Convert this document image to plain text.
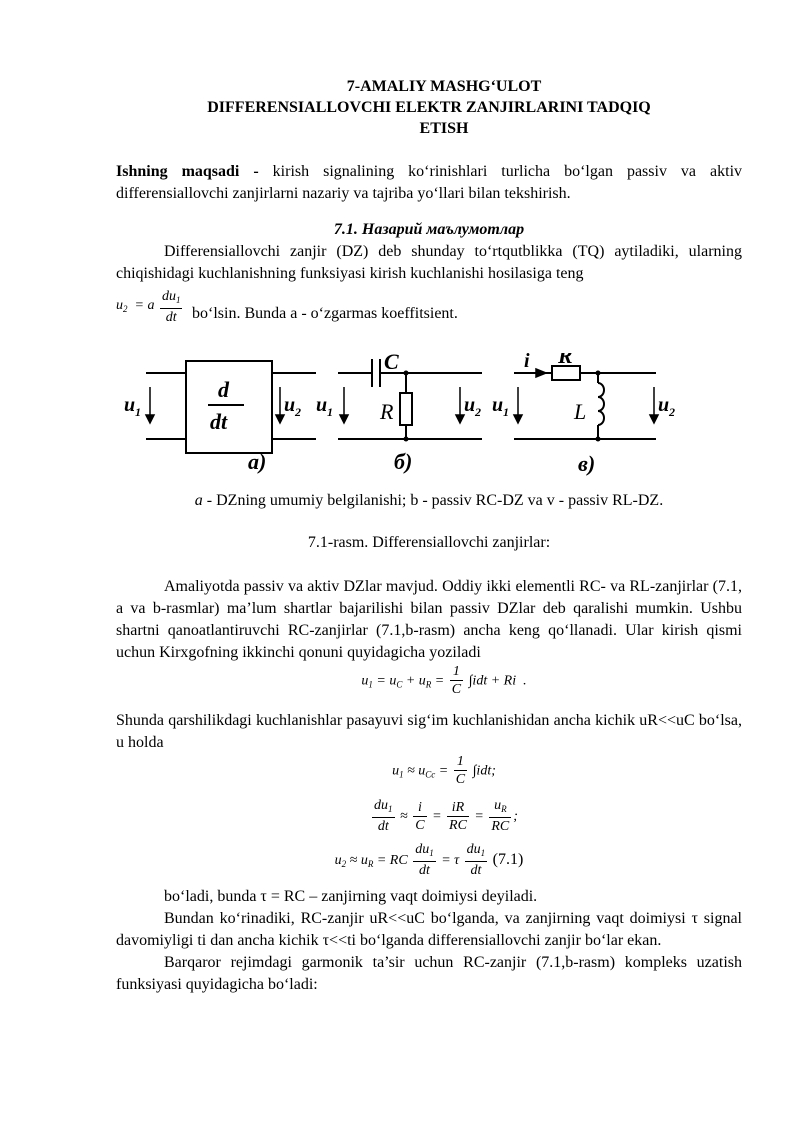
7-AMALIY MASHG‘ULOT
DIFFERENSIALLOVCHI ELEKTR ZANJIRLARINI TADQIQ
ETISH
Ishning maqsadi - kirish signalining ko‘rinishlari turlicha bo‘lgan passiv va aktiv differensiallovchi zanjirlarni nazariy va tajriba yo‘llari bilan tekshirish.
7.1. Назарий маълумотлар
Differensiallovchi zanjir (DZ) deb shunday to‘rtqutblikka (TQ) aytiladiki, ularning chiqishidagi kuchlanishning funksiyasi kirish kuchlanishi hosilasiga teng
$u_2 = a \frac{du_1}{dt}$ bo‘lsin. Bunda a - o‘zgarmas koeffitsient.
d
dt
u 1	u 2 u 1	u 2
C
R	u 1	u 2
i R
L
a)	б)	в)
a - DZning umumiy belgilanishi; b - passiv RC-DZ va v - passiv RL-DZ.
7.1-rasm. Differensiallovchi zanjirlar:
Amaliyotda passiv va aktiv DZlar mavjud. Oddiy ikki elementli RC- va RL-zanjirlar (7.1, a va b-rasmlar) ma’lum shartlar bajarilishi bilan passiv DZlar deb qaralishi mumkin. Ushbu shartni qanoatlantiruvchi RC-zanjirlar (7.1,b-rasm) ancha keng qo‘llanadi. Ular kirish qismi uchun Kirxgofning ikkinchi qonuni quyidagicha yoziladi
$u_1 = u_C + u_R = \frac{1}{C} \int idt + Ri$  .
Shunda qarshilikdagi kuchlanishlar pasayuvi sig‘im kuchlanishidan ancha kichik uR<<uC bo‘lsa, u holda
$u_1 \approx u_{Cc} = \frac{1}{C} \int idt$;
$\frac{du_1}{dt} \approx \frac{i}{C} = \frac{iR}{RC} = \frac{u_R}{RC}$ ;
$u_2 \approx u_R$ = RC $\frac{du_1}{dt} = \tau \frac{du_1}{dt} (7.1)$
bo‘ladi, bunda τ = RC – zanjirning vaqt doimiysi deyiladi.
Bundan ko‘rinadiki, RC-zanjir uR<<uC bo‘lganda, va zanjirning vaqt doimiysi τ signal davomiyligi ti dan ancha kichik τ<<ti bo‘lganda differensiallovchi zanjir bo‘lar ekan.
Barqaror rejimdagi garmonik ta’sir uchun RC-zanjir (7.1,b-rasm) kompleks uzatish funksiyasi quyidagicha bo‘ladi:
